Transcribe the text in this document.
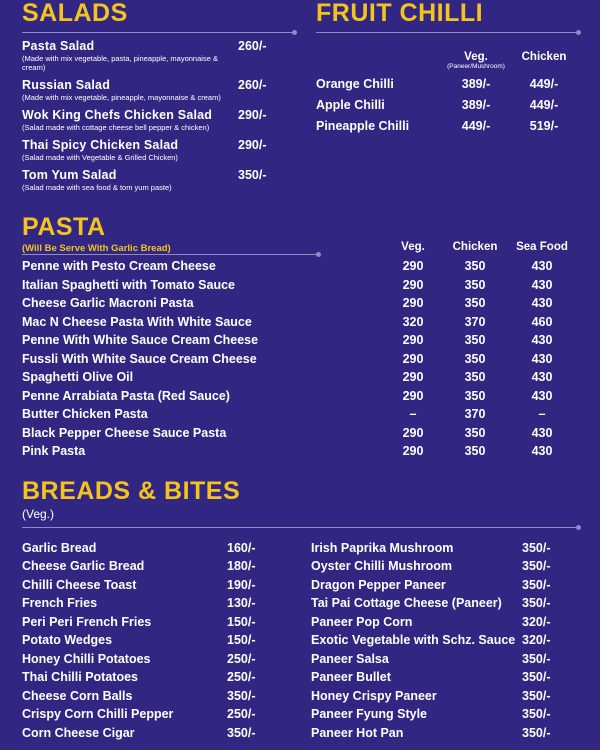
SALADS
Pasta Salad
(Made with mix vegetable, pasta, pineapple, mayonnaise & cream)	260/-

Russian Salad
(Made with mix vegetable, pineapple, mayonnaise & cream)	260/-

Wok King Chefs Chicken Salad
(Salad made with cottage cheese bell pepper & chicken)	290/-

Thai Spicy Chicken Salad
(Salad made with Vegetable & Grilled Chicken)	290/-

Tom Yum Salad
(Salad made with sea food & tom yum paste)	350/-
FRUIT CHILLI
Veg.
(Paneer/Mushroom)
Chicken
Orange Chilli	389/-	449/-
Apple Chilli	389/-	449/-
Pineapple Chilli	449/-	519/-
PASTA
(Will Be Serve With Garlic Bread)	Veg.	Chicken	Sea Food
Penne with Pesto Cream Cheese	290	350	430
Italian Spaghetti with Tomato Sauce	290	350	430
Cheese Garlic Macroni Pasta	290	350	430
Mac N Cheese Pasta With White Sauce	320	370	460
Penne With White Sauce Cream Cheese	290	350	430
Fussli With White Sauce Cream Cheese	290	350	430
Spaghetti Olive Oil	290	350	430
Penne Arrabiata Pasta (Red Sauce)	290	350	430
Butter Chicken Pasta	–	370	–
Black Pepper Cheese Sauce Pasta	290	350	430
Pink Pasta	290	350	430
BREADS & BITES
(Veg.)
Garlic Bread	160/-
Cheese Garlic Bread	180/-
Chilli Cheese Toast	190/-
French Fries	130/-
Peri Peri French Fries	150/-
Potato Wedges	150/-
Honey Chilli Potatoes	250/-
Thai Chilli Potatoes	250/-
Cheese Corn Balls	350/-
Crispy Corn Chilli Pepper	250/-
Corn Cheese Cigar	350/-
Irish Paprika Mushroom	350/-
Oyster Chilli Mushroom	350/-
Dragon Pepper Paneer	350/-
Tai Pai Cottage Cheese (Paneer)	350/-
Paneer Pop Corn	320/-
Exotic Vegetable with Schz. Sauce 320/-
Paneer Salsa	350/-
Paneer Bullet	350/-
Honey Crispy Paneer	350/-
Paneer Fyung Style	350/-
Paneer Hot Pan	350/-
